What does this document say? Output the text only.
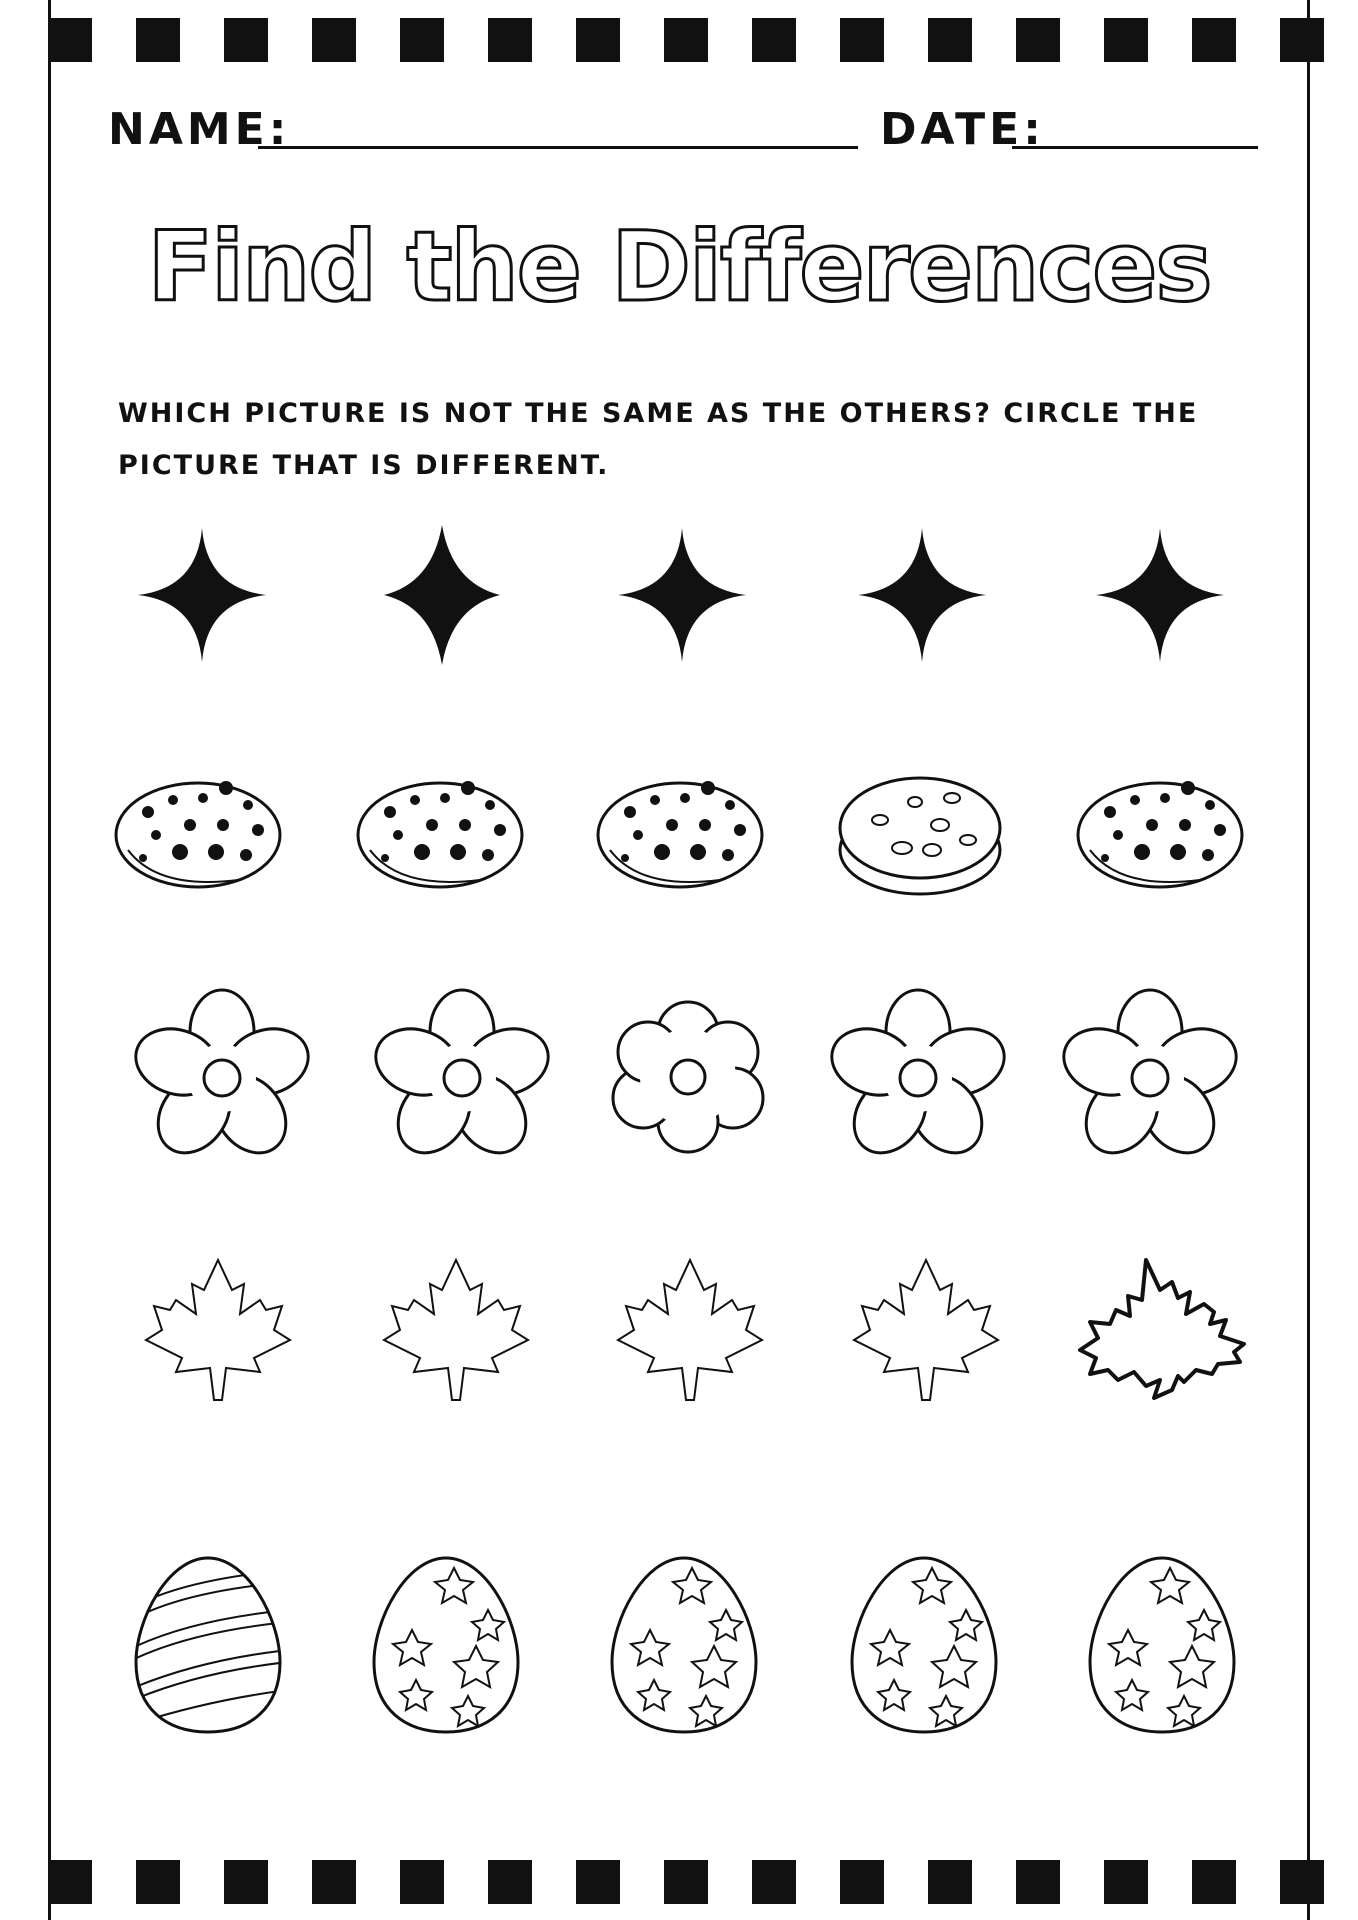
NAME:	DATE:
Find the Differences
WHICH PICTURE IS NOT THE SAME AS THE OTHERS? CIRCLE THE PICTURE THAT IS DIFFERENT.
